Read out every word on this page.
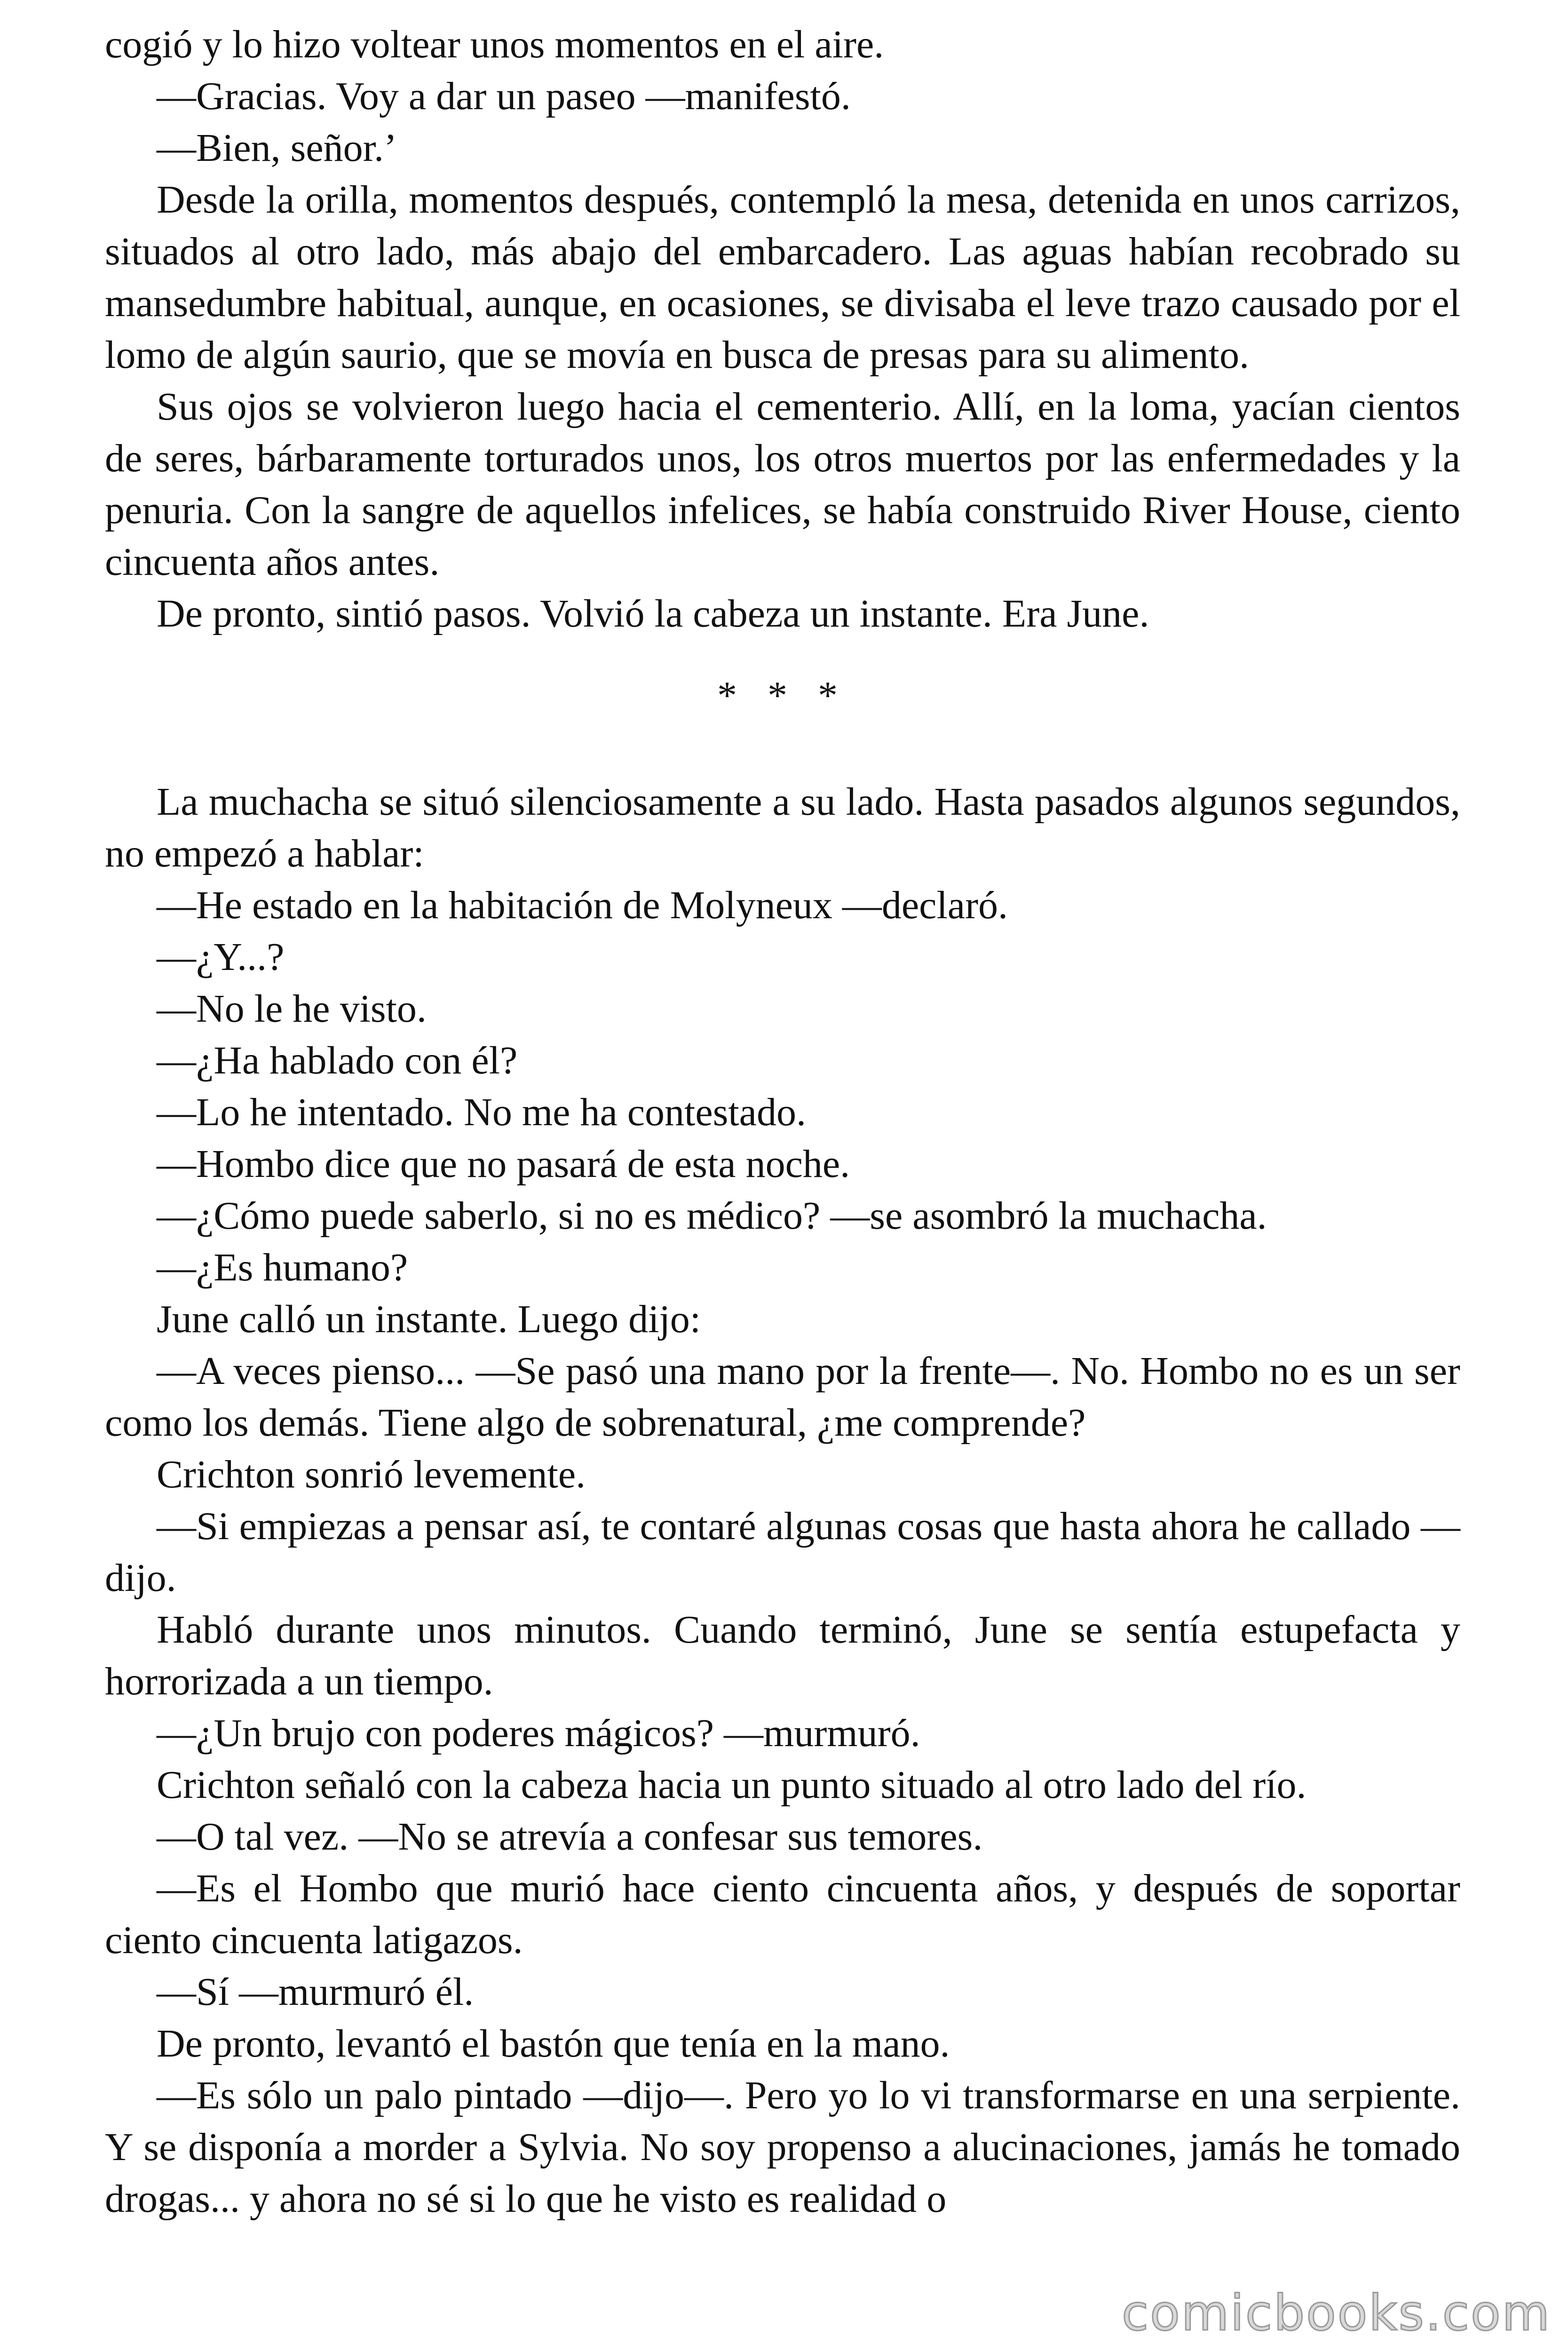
cogió y lo hizo voltear unos momentos en el aire.

—Gracias. Voy a dar un paseo —manifestó.

—Bien, señor.’

Desde la orilla, momentos después, contempló la mesa, detenida en unos carrizos, situados al otro lado, más abajo del embarcadero. Las aguas habían recobrado su mansedumbre habitual, aunque, en ocasiones, se divisaba el leve trazo causado por el lomo de algún saurio, que se movía en busca de presas para su alimento.

Sus ojos se volvieron luego hacia el cementerio. Allí, en la loma, yacían cientos de seres, bárbaramente torturados unos, los otros muertos por las enfermedades y la penuria. Con la sangre de aquellos infelices, se había construido River House, ciento cincuenta años antes.

De pronto, sintió pasos. Volvió la cabeza un instante. Era June.

* * *

La muchacha se situó silenciosamente a su lado. Hasta pasados algunos segundos, no empezó a hablar:

—He estado en la habitación de Molyneux —declaró.

—¿Y...?

—No le he visto.

—¿Ha hablado con él?

—Lo he intentado. No me ha contestado.

—Hombo dice que no pasará de esta noche.

—¿Cómo puede saberlo, si no es médico? —se asombró la muchacha.

—¿Es humano?

June calló un instante. Luego dijo:

—A veces pienso... —Se pasó una mano por la frente—. No. Hombo no es un ser como los demás. Tiene algo de sobrenatural, ¿me comprende?

Crichton sonrió levemente.

—Si empiezas a pensar así, te contaré algunas cosas que hasta ahora he callado —dijo.

Habló durante unos minutos. Cuando terminó, June se sentía estupefacta y horrorizada a un tiempo.

—¿Un brujo con poderes mágicos? —murmuró.

Crichton señaló con la cabeza hacia un punto situado al otro lado del río.

—O tal vez. —No se atrevía a confesar sus temores.

—Es el Hombo que murió hace ciento cincuenta años, y después de soportar ciento cincuenta latigazos.

—Sí —murmuró él.

De pronto, levantó el bastón que tenía en la mano.

—Es sólo un palo pintado —dijo—. Pero yo lo vi transformarse en una serpiente. Y se disponía a morder a Sylvia. No soy propenso a alucinaciones, jamás he tomado drogas... y ahora no sé si lo que he visto es realidad o

comicbooks.com
